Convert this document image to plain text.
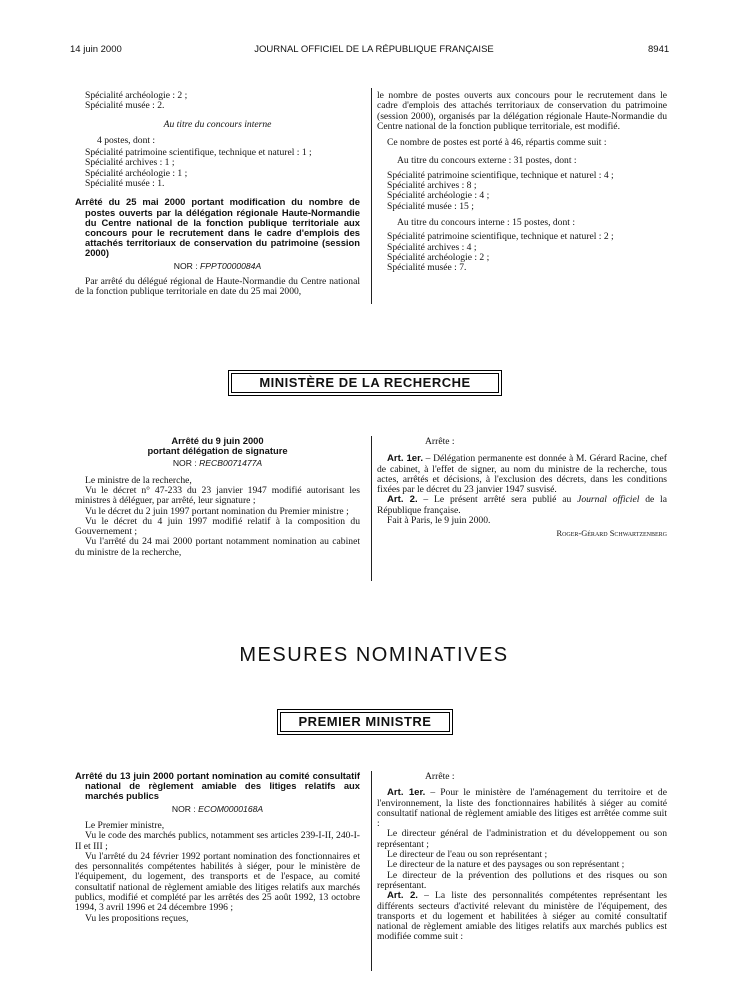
14 juin 2000	JOURNAL OFFICIEL DE LA RÉPUBLIQUE FRANÇAISE	8941

Spécialité archéologie : 2 ;

Spécialité musée : 2.

Au titre du concours interne

4 postes, dont :

Spécialité patrimoine scientifique, technique et naturel : 1 ;

Spécialité archives : 1 ;

Spécialité archéologie : 1 ;

Spécialité musée : 1.

Arrêté du 25 mai 2000 portant modification du nombre de postes ouverts par la délégation régionale Haute-Normandie du Centre national de la fonction publique territoriale aux concours pour le recrutement dans le cadre d'emplois des attachés territoriaux de conservation du patrimoine (session 2000)

NOR : FPPT0000084A

Par arrêté du délégué régional de Haute-Normandie du Centre national de la fonction publique territoriale en date du 25 mai 2000,

le nombre de postes ouverts aux concours pour le recrutement dans le cadre d'emplois des attachés territoriaux de conservation du patrimoine (session 2000), organisés par la délégation régionale Haute-Normandie du Centre national de la fonction publique territoriale, est modifié.

Ce nombre de postes est porté à 46, répartis comme suit :

Au titre du concours externe : 31 postes, dont :

Spécialité patrimoine scientifique, technique et naturel : 4 ;

Spécialité archives : 8 ;

Spécialité archéologie : 4 ;

Spécialité musée : 15 ;

Au titre du concours interne : 15 postes, dont :

Spécialité patrimoine scientifique, technique et naturel : 2 ;

Spécialité archives : 4 ;

Spécialité archéologie : 2 ;

Spécialité musée : 7.

MINISTÈRE DE LA RECHERCHE

Arrêté du 9 juin 2000

portant délégation de signature

NOR : RECB0071477A

Le ministre de la recherche,

Vu le décret n° 47-233 du 23 janvier 1947 modifié autorisant les ministres à déléguer, par arrêté, leur signature ;

Vu le décret du 2 juin 1997 portant nomination du Premier ministre ;

Vu le décret du 4 juin 1997 modifié relatif à la composition du Gouvernement ;

Vu l'arrêté du 24 mai 2000 portant notamment nomination au cabinet du ministre de la recherche,

Arrête :

Art. 1er. – Délégation permanente est donnée à M. Gérard Racine, chef de cabinet, à l'effet de signer, au nom du ministre de la recherche, tous actes, arrêtés et décisions, à l'exclusion des décrets, dans les conditions fixées par le décret du 23 janvier 1947 susvisé.

Art. 2. – Le présent arrêté sera publié au Journal officiel de la République française.

Fait à Paris, le 9 juin 2000.

Roger-Gérard Schwartzenberg

MESURES NOMINATIVES
PREMIER MINISTRE

Arrêté du 13 juin 2000 portant nomination au comité consultatif national de règlement amiable des litiges relatifs aux marchés publics

NOR : ECOM0000168A

Le Premier ministre,

Vu le code des marchés publics, notamment ses articles 239-I-II, 240-I-II et III ;

Vu l'arrêté du 24 février 1992 portant nomination des fonctionnaires et des personnalités compétentes habilités à siéger, pour le ministère de l'équipement, du logement, des transports et de l'espace, au comité consultatif national de règlement amiable des litiges relatifs aux marchés publics, modifié et complété par les arrêtés des 25 août 1992, 13 octobre 1994, 3 avril 1996 et 24 décembre 1996 ;

Vu les propositions reçues,

Arrête :

Art. 1er. – Pour le ministère de l'aménagement du territoire et de l'environnement, la liste des fonctionnaires habilités à siéger au comité consultatif national de règlement amiable des litiges est arrêtée comme suit :

Le directeur général de l'administration et du développement ou son représentant ;

Le directeur de l'eau ou son représentant ;

Le directeur de la nature et des paysages ou son représentant ;

Le directeur de la prévention des pollutions et des risques ou son représentant.

Art. 2. – La liste des personnalités compétentes représentant les différents secteurs d'activité relevant du ministère de l'équipement, des transports et du logement et habilitées à siéger au comité consultatif national de règlement amiable des litiges relatifs aux marchés publics est modifiée comme suit :
